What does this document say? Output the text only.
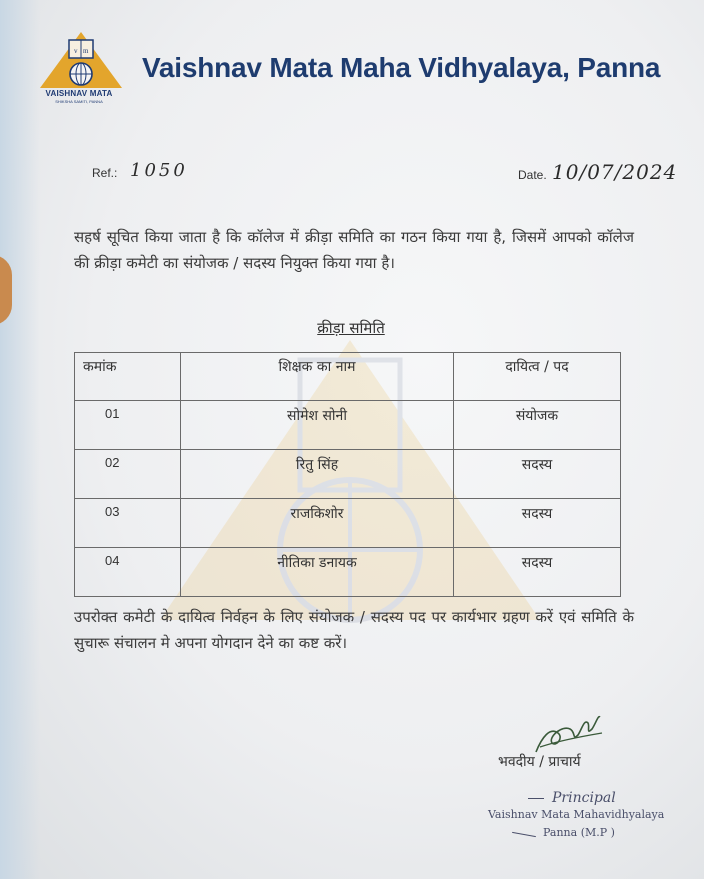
v m
VAISHNAV MATA
SHIKSHA SAMITI, PANNA
Vaishnav Mata Maha Vidhyalaya, Panna
Ref.: 1050	Date. 10/07/2024
सहर्ष सूचित किया जाता है कि कॉलेज में क्रीड़ा समिति का गठन किया गया है, जिसमें आपको कॉलेज की क्रीड़ा कमेटी का संयोजक / सदस्य नियुक्त किया गया है।
क्रीड़ा समिति
कमांक	शिक्षक का नाम	दायित्व / पद
01	सोमेश सोनी	संयोजक
02	रितु सिंह	सदस्य
03	राजकिशोर	सदस्य
04	नीतिका डनायक	सदस्य
उपरोक्त कमेटी के दायित्व निर्वहन के लिए संयोजक / सदस्य पद पर कार्यभार ग्रहण करें एवं समिति के सुचारू संचालन मे अपना योगदान देने का कष्ट करें।
भवदीय / प्राचार्य
Principal
Vaishnav Mata Mahavidhyalaya
Panna (M.P )
